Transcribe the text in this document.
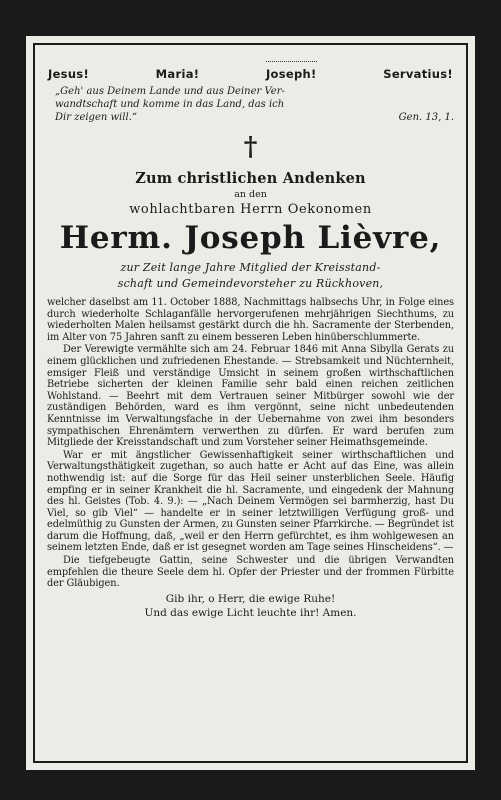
Jesus!	Maria!	Joseph!	Servatius!
„Geh' aus Deinem Lande und aus Deiner Ver-
wandtschaft und komme in das Land, das ich
Dir zeigen will.“	Gen. 13, 1.
†
Zum christlichen Andenken
an den
wohlachtbaren Herrn Oekonomen
Herm. Joseph Lièvre,
zur Zeit lange Jahre Mitglied der Kreisstand-
schaft und Gemeindevorsteher zu Rückhoven,

welcher daselbst am 11. October 1888, Nachmittags halbsechs Uhr, in Folge eines durch wiederholte Schlaganfälle hervorgerufenen mehrjährigen Siechthums, zu wiederholten Malen heilsamst gestärkt durch die hh. Sacramente der Sterbenden, im Alter von 75 Jahren sanft zu einem besseren Leben hinüberschlummerte.

Der Verewigte vermählte sich am 24. Februar 1846 mit Anna Sibylla Gerats zu einem glücklichen und zufriedenen Ehestande. — Strebsamkeit und Nüchternheit, emsiger Fleiß und verständige Umsicht in seinem großen wirthschaftlichen Betriebe sicherten der kleinen Familie sehr bald einen reichen zeitlichen Wohlstand. — Beehrt mit dem Vertrauen seiner Mitbürger sowohl wie der zuständigen Behörden, ward es ihm vergönnt, seine nicht unbedeutenden Kenntnisse im Verwaltungsfache in der Uebernahme von zwei ihm besonders sympathischen Ehrenämtern verwerthen zu dürfen. Er ward berufen zum Mitgliede der Kreisstandschaft und zum Vorsteher seiner Heimathsgemeinde.

War er mit ängstlicher Gewissenhaftigkeit seiner wirthschaftlichen und Verwaltungsthätigkeit zugethan, so auch hatte er Acht auf das Eine, was allein nothwendig ist: auf die Sorge für das Heil seiner unsterblichen Seele. Häufig empfing er in seiner Krankheit die hl. Sacramente, und eingedenk der Mahnung des hl. Geistes (Tob. 4. 9.): — „Nach Deinem Vermögen sei barmherzig, hast Du Viel, so gib Viel“ — handelte er in seiner letztwilligen Verfügung groß- und edelmüthig zu Gunsten der Armen, zu Gunsten seiner Pfarrkirche. — Begründet ist darum die Hoffnung, daß, „weil er den Herrn gefürchtet, es ihm wohlgewesen an seinem letzten Ende, daß er ist gesegnet worden am Tage seines Hinscheidens“. —

Die tiefgebeugte Gattin, seine Schwester und die übrigen Verwandten empfehlen die theure Seele dem hl. Opfer der Priester und der frommen Fürbitte der Gläubigen.

Gib ihr, o Herr, die ewige Ruhe!
Und das ewige Licht leuchte ihr! Amen.
